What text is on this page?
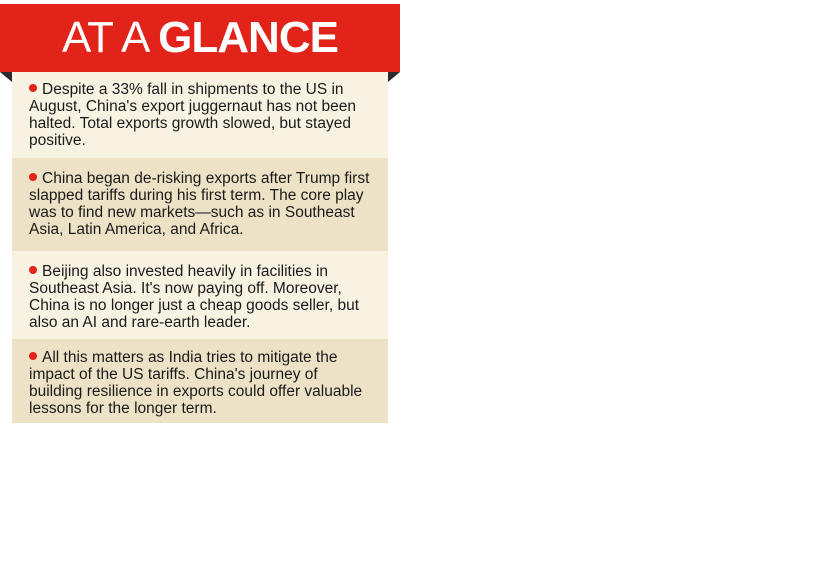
AT A GLANCE
Despite a 33% fall in shipments to the US in August, China's export juggernaut has not been halted. Total exports growth slowed, but stayed positive.
China began de-risking exports after Trump first slapped tariffs during his first term. The core play was to find new markets—such as in Southeast Asia, Latin America, and Africa.
Beijing also invested heavily in facilities in Southeast Asia. It's now paying off. Moreover, China is no longer just a cheap goods seller, but also an AI and rare-earth leader.
All this matters as India tries to mitigate the impact of the US tariffs. China's journey of building resilience in exports could offer valuable lessons for the longer term.
